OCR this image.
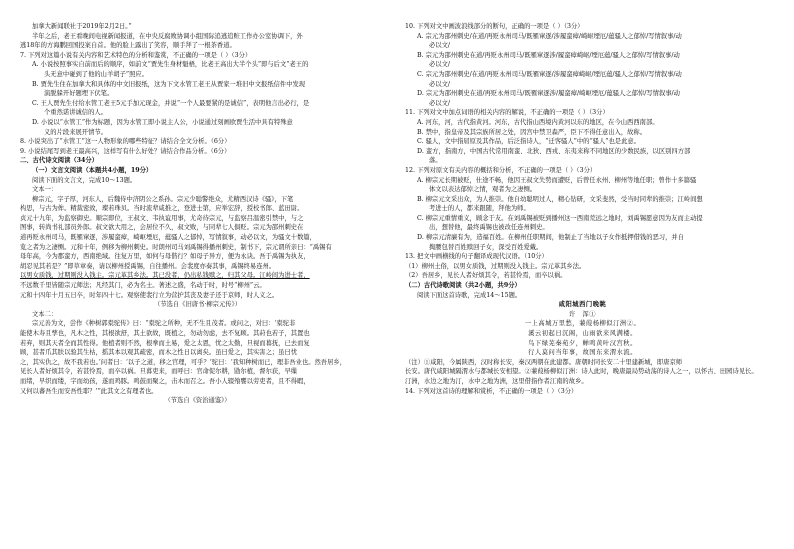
加拿大新闻联社于2019年2月2日。”
半年之后，老王看晚间电视新闻报道，在中央反腐败协调小组国际追逃追赃工作办公室协调下，外
逃18年的方海鹏回国投案自首。他的脸上露出了笑容，顺手拜了一根茶香道。
7. 下列对这篇小说有关内容和艺术特色的分析和鉴赏，不正确的一项是（ ）（3分）
A. 小说按照事实自前而后的顺序，如前文“贾先生身材魁梧，比老王高出大半个头”即与后文“老王的
头无意中碰到了他的山羊胡子”照应。
B. 贾先生住在加拿大和具体的中文旧报纸，这为下文水管工老王从贾家一堆旧中文报纸信件中发现
演脱躲开好题埋下伏笔。
C. 王人贾先生付给水管工老王5元手加元现金，并说“一个人最要紧的是诚信”，表明他言出必行，是
个重然诺讲诚信的人。
D. 小说以“水管工”作为标题，因为水管工即小说主人公，小说通过刻画欧贾生活中具有特殊意
义的片段来展开情节。
8. 小说突出了“水管工”这一人物形象的哪些特征？请结合全文分析。（6分）
9. 小说结尾写到老王最高兴，这样写有什么好处？请结合作品分析。（6分）
二、古代诗文阅读（34分）
（一）文言文阅读（本题共4小题，19分）
阅读下面的文言文，完成10～13题。
文本一：
柳宗元，字子厚，河东人，后魏侍中济阴公之系孙。宗元少聪警绝众，尤精西汉诗《骚》，下笔
构思，与古为侔。精裁密致，璨若珠贝。当时流辈咸推之，登进士第，应举宏辞，授校书郎、蓝田尉。
贞元十九年，为监察御史。顺宗即位，王叔文、韦执谊用事，尤奇待宗元，与监察吕温密引禁中，与之
图事，转尚书礼部员外郎。叔文欲大用之，会居位不久，叔文败，与同辈七人俱贬。宗元为邵州刺史在
道再贬永州司马，既罹窜逐，涉履蛮瘴，崎岖堙厄，蕴骚人之郁悼，写情叙事，动必以文，为骚文十数篇，
览之者为之凄恻。元和十年，例移为柳州刺史。时朗州司马刘禹锡得播州刺史，制书下，宗元谓所亲曰：“禹锡有
母年高，今为郡蛮方，西南绝域。往复万里，如何与母偕行？如母子异方，便为永诀。吾于禹锡为执友，
胡忍见其若是？”即草章奏，请以柳州授禹锡，自往播州。会裴度亦奏其事，禹锡终易连州。
以男女质钱，过期则没入钱主。宗元革其乡法。其已没者，仍出私钱赎之，归其父母。江岭间为进士者，
不远数千里皆随宗元师法；凡经其门，必为名士。著述之盛，名动于时，时号“柳州”云。
元和十四年十月五日卒，时年四十七。观察使裴行立为营护其丧及妻子还于京师，时人义之。
（节选自《旧唐书·柳宗元传》）
文本二：
宗元善为文，尝作《种树郭橐驼传》曰：“橐驼之所种，无不生且茂者。或问之，对曰：‘橐驼非
能使木寿且孳也，凡木之性，其根欲舒，其土欲故，既植之，勿动勿虑，去不复顾。其莳也若子，其置也
若弃，则其天者全而其性得。他植者则不然，根拳而土易，爱之太恩，忧之太勤，旦视而暮抚，已去而复
顾，甚者爪其肤以验其生枯，摇其本以观其疏密，而木之性日以离矣。虽曰爱之，其实害之；虽曰忧
之，其实仇之，故不我若也。’问者曰：‘以子之道，移之官理，可乎？’驼曰：‘我知种树而已，理非吾业也。然吾居乡，
见长人者好烦其令，若甚怜焉，而卒以祸。旦暮吏来，而呼曰：官命促尔耕，勖尔植，督尔获，早缫
而绪，早织而缕，字而幼孩，遂而鸡豚。鸣鼓而聚之，击木而召之。吾小人辍飧饔以劳吏者，且不得暇，
又何以蕃吾生而安吾性耶？’”此其文之有理者也。
（节选自《资治通鉴》）
10. 下列对文中画波浪线部分的断句，正确的一项是（ ）（3分）
A. 宗元为邵州刺史/在道/再贬永州司马/既罹窜逐/涉履蛮瘴/崎岖堙厄/蕴骚人之郁悼/写情叙事/动
必以文/
B. 宗元为邵州刺史在道/再贬永州司马/既罹窜逐涉/履蛮瘴崎岖/堙厄蕴/骚人之郁悼/写情叙事/动
必以文/
C. 宗元为邵州刺史/在道/再贬永州司马/既罹窜逐/涉履蛮瘴崎岖/堙厄蕴/骚人之郁悼/写情叙事/动
必以文/
D. 宗元为邵州刺史在道/再贬永州司马/既罹窜逐涉/履蛮瘴/崎岖堙厄/蕴骚人之郁悼/写情叙事/动
必以文/
11. 下列对文中加点词语的相关内容的解说，不正确的一项是（ ）（3分）
A. 河东，河，古代指黄河。河东，古代指山西境内黄河以东的地区，在今山西西南部。
B. 禁中，指皇帝及其宗族所居之处，因宫中禁卫森严，臣下不得任意出入，故称。
C. 骚人，文中指屈原及其作品，后泛指诗人，“迁客骚人”中的“骚人”也是此意。
D. 蛮方，指南方，中国古代常用南蛮、北狄、西戎、东夷来称不同地区的少数民族，以区别四方部
落。
12. 下列对原文有关内容的概括和分析，不正确的一项是（ ）（3分）
A. 柳宗元长期被贬，仕途不畅，他因王叔文失势而遭贬，后曾任永州、柳州等地任职；曾作十多篇骚
体文以表达郁悼之情，观者为之凄恻。
B. 柳宗元文采出众，为人推崇。他自幼聪明过人，精心钻研，文采斐然，受当时同辈的推崇；江岭间想
考进士的人，都来跟随，拜他为师。
C. 柳宗元重情重义，顾念于友。在刘禹锡被贬到播州这一西南荒远之地时，刘禹锡愿意因为友而主动提
出，想替他，最终禹锡也被改任连州刺史。
D. 柳宗元清廉有为，造福百姓。在柳州任职期间，他制止了当地以子女作抵押借钱的恶习，并自
掏腰包替百姓赎回子女，深受百姓爱戴。
13. 把文中画横线的句子翻译成现代汉语。（10分）
（1）柳州土俗，以男女质钱，过期则没入钱主。宗元革其乡法。
（2）吾居乡，见长人者好烦其令，若甚怜焉，而卒以祸。
（二）古代诗歌阅读（共2小题，共9分）
阅读下面这首诗歌，完成14～15题。
咸阳城西门晚眺
许　浑①
一上高城万里愁，蒹葭杨柳似汀洲②。
溪云初起日沉阁，山雨欲来风满楼。
鸟下绿芜秦苑夕，蝉鸣黄叶汉宫秋。
行人莫问当年事，故国东来渭水流。
（注）①咸阳，今属陕西，汉时称长安，秦汉两朝在此建都。唐朝时同长安二十里建新城，即唐京师
长安。唐代咸阳城隔渭水与都城长安相望。②蒹葭杨柳似汀洲：诗人此时，晚唐最局势动荡的诗人之一，以怀古、田园诗见长。
汀洲，水边之地为汀，水中之地为洲，这里借指作者江南的故乡。
14. 下列对这首诗的理解和赏析，不正确的一项是（ ）（3分）
